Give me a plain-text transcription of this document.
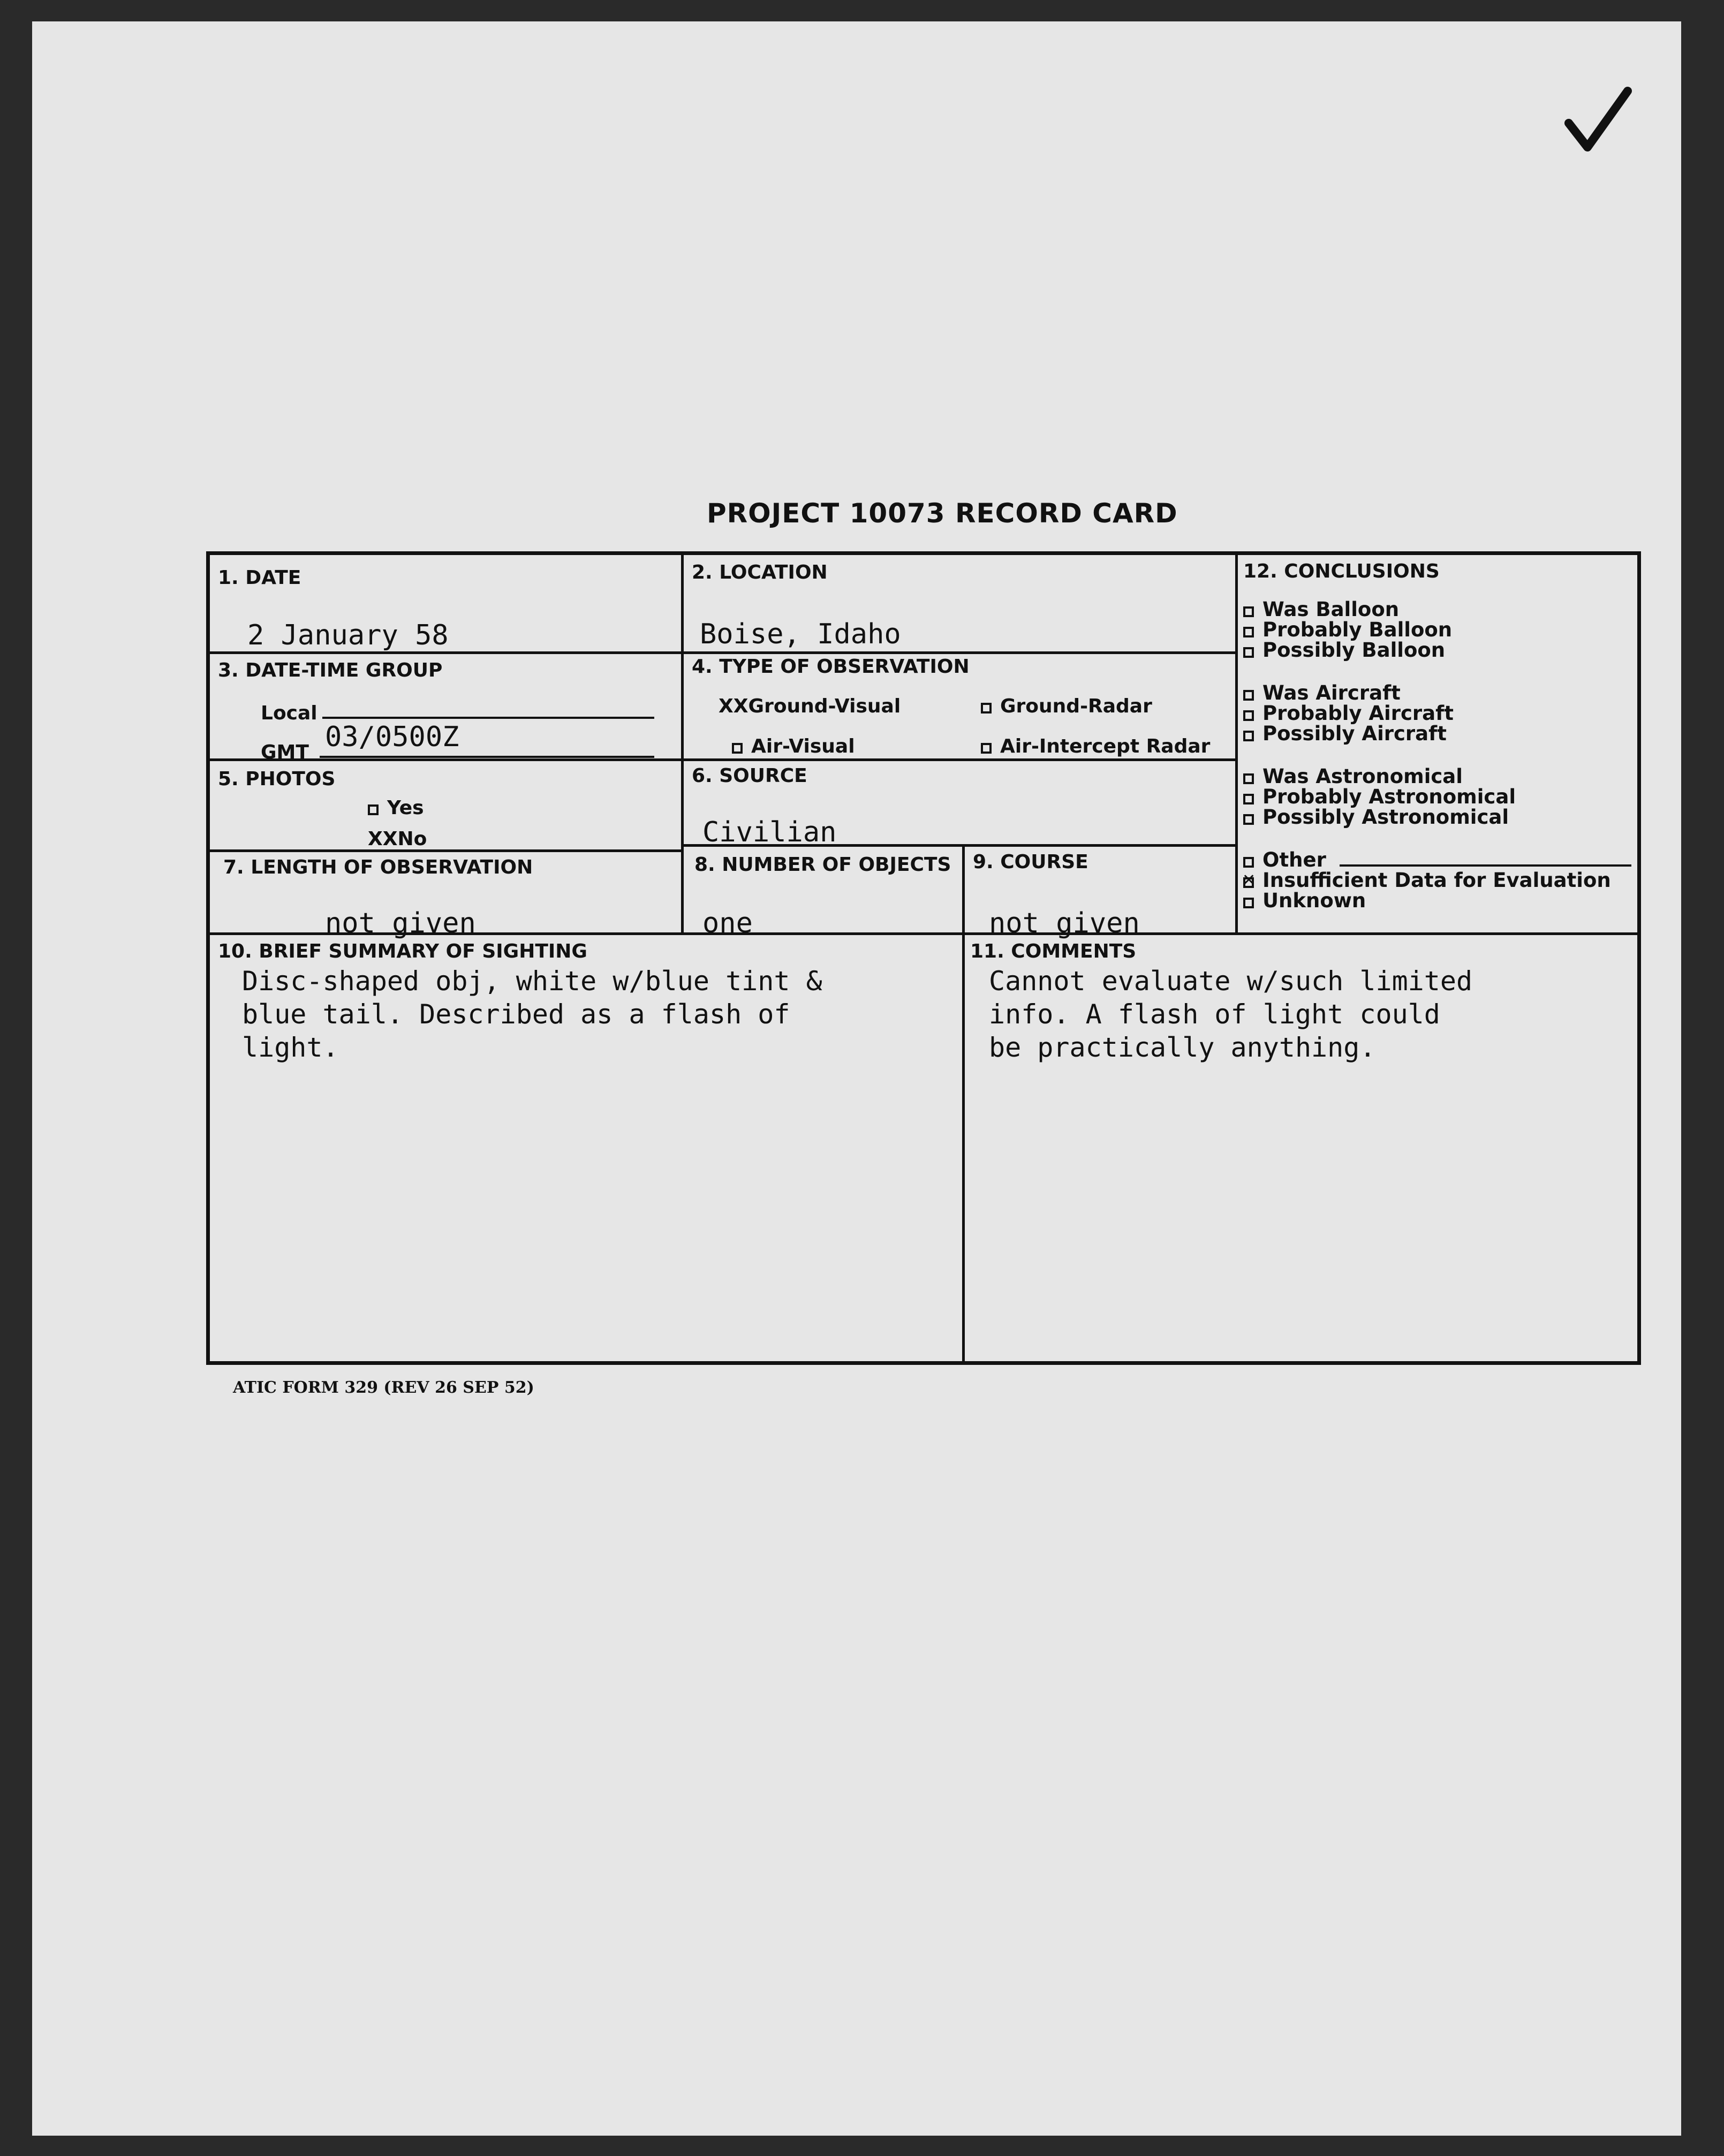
PROJECT 10073 RECORD CARD
1. DATE
2 January 58
2. LOCATION
Boise, Idaho
3. DATE-TIME GROUP
Local
GMT 03/0500Z
4. TYPE OF OBSERVATION
XXGround-Visual	Ground-Radar
Air-Visual	Air-Intercept Radar
5. PHOTOS
Yes
XXNo
6. SOURCE
Civilian
7. LENGTH OF OBSERVATION
not given
8. NUMBER OF OBJECTS
one
9. COURSE
not given
10. BRIEF SUMMARY OF SIGHTING
Disc-shaped obj, white w/blue tint &
blue tail. Described as a flash of
light.
11. COMMENTS
Cannot evaluate w/such limited
info. A flash of light could
be practically anything.
12. CONCLUSIONS
Was Balloon
Probably Balloon
Possibly Balloon
Was Aircraft
Probably Aircraft
Possibly Aircraft
Was Astronomical
Probably Astronomical
Possibly Astronomical
Other
✕Insufficient Data for Evaluation
Unknown
ATIC FORM 329 (REV 26 SEP 52)
